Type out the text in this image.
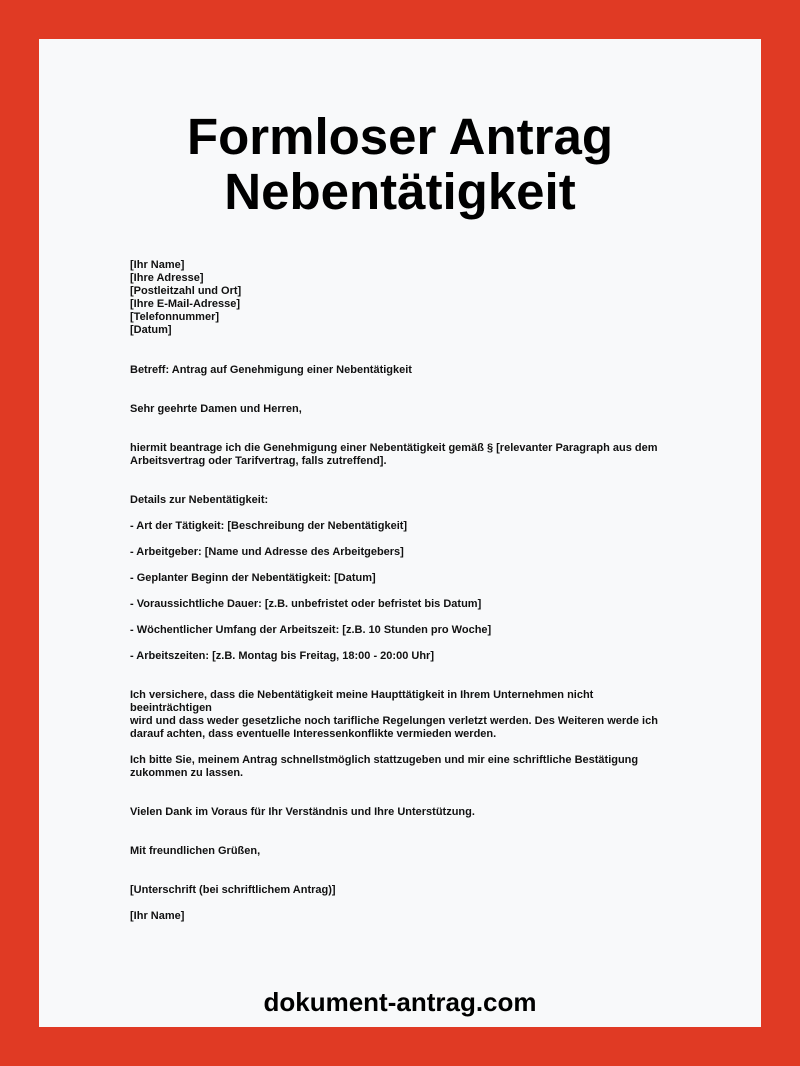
Formloser Antrag
Nebentätigkeit
[Ihr Name]
[Ihre Adresse]
[Postleitzahl und Ort]
[Ihre E-Mail-Adresse]
[Telefonnummer]
[Datum]
Betreff: Antrag auf Genehmigung einer Nebentätigkeit
Sehr geehrte Damen und Herren,
hiermit beantrage ich die Genehmigung einer Nebentätigkeit gemäß § [relevanter Paragraph aus dem
Arbeitsvertrag oder Tarifvertrag, falls zutreffend].
Details zur Nebentätigkeit:
- Art der Tätigkeit: [Beschreibung der Nebentätigkeit]
- Arbeitgeber: [Name und Adresse des Arbeitgebers]
- Geplanter Beginn der Nebentätigkeit: [Datum]
- Voraussichtliche Dauer: [z.B. unbefristet oder befristet bis Datum]
- Wöchentlicher Umfang der Arbeitszeit: [z.B. 10 Stunden pro Woche]
- Arbeitszeiten: [z.B. Montag bis Freitag, 18:00 - 20:00 Uhr]
Ich versichere, dass die Nebentätigkeit meine Haupttätigkeit in Ihrem Unternehmen nicht beeinträchtigen
wird und dass weder gesetzliche noch tarifliche Regelungen verletzt werden. Des Weiteren werde ich
darauf achten, dass eventuelle Interessenkonflikte vermieden werden.
Ich bitte Sie, meinem Antrag schnellstmöglich stattzugeben und mir eine schriftliche Bestätigung
zukommen zu lassen.
Vielen Dank im Voraus für Ihr Verständnis und Ihre Unterstützung.
Mit freundlichen Grüßen,
[Unterschrift (bei schriftlichem Antrag)]
[Ihr Name]
dokument-antrag.com
